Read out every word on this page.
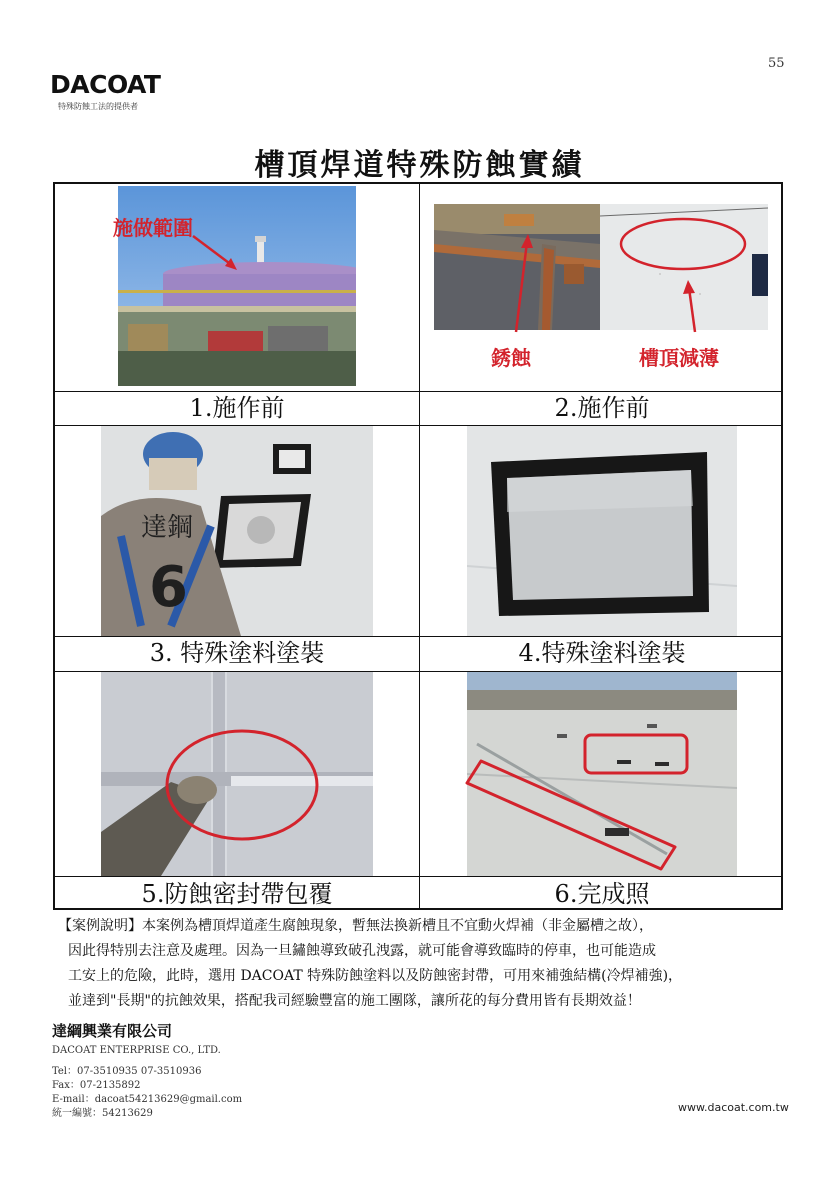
55
DACOAT
特殊防蝕工法的提供者
槽頂焊道特殊防蝕實績
施做範圍
銹蝕	槽頂減薄
1.施作前	2.施作前
6
達鋼
3. 特殊塗料塗裝	4.特殊塗料塗裝
5.防蝕密封帶包覆	6.完成照
【案例說明】本案例為槽頂焊道產生腐蝕現象，暫無法換新槽且不宜動火焊補（非金屬槽之故），
因此得特別去注意及處理。因為一旦鏽蝕導致破孔洩露，就可能會導致臨時的停車，也可能造成
工安上的危險，此時，選用 DACOAT 特殊防蝕塗料以及防蝕密封帶，可用來補強結構(冷焊補強)，
並達到"長期"的抗蝕效果，搭配我司經驗豐富的施工團隊，讓所花的每分費用皆有長期效益！
達綱興業有限公司
DACOAT ENTERPRISE CO., LTD.
Tel：07-3510935 07-3510936
Fax：07-2135892
E-mail：dacoat54213629@gmail.com
統一編號：54213629	www.dacoat.com.tw
